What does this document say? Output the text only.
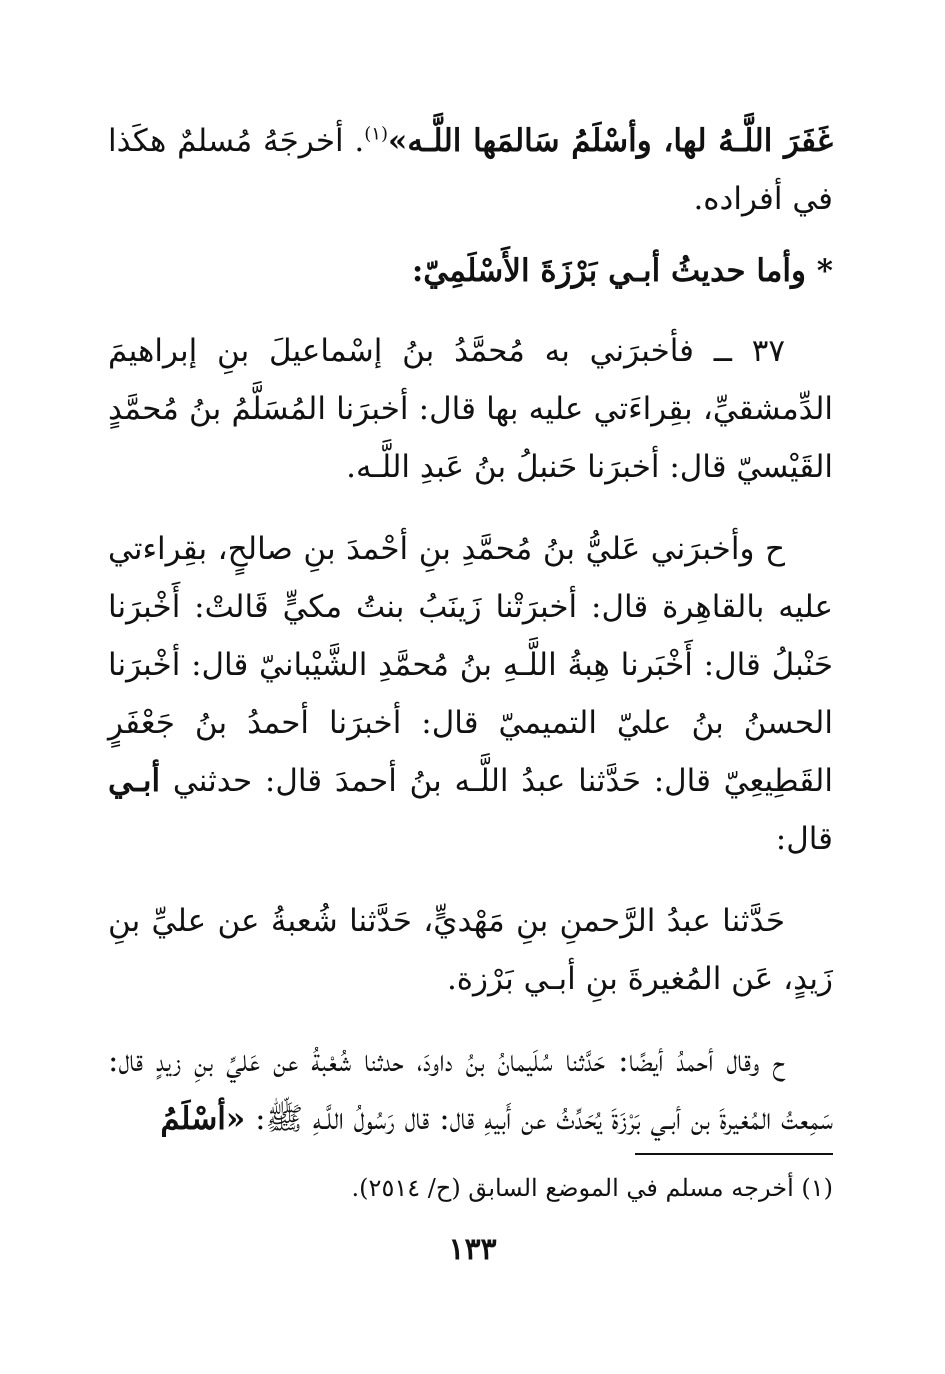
غَفَرَ اللَّـهُ لها، وأسْلَمُ سَالمَها اللَّـه»$^{(١)}$. أخرجَهُ مُسلمٌ هكَذا في أفراده.

* وأما حديثُ أبـي بَرْزَةَ الأَسْلَمِيّ:

٣٧ ــ فأخبرَني به مُحمَّدُ بنُ إسْماعيلَ بنِ إبراهيمَ الدِّمشقيِّ، بقِراءَتي عليه بها قال: أخبرَنا المُسَلَّمُ بنُ مُحمَّدٍ القَيْسيّ قال: أخبرَنا حَنبلُ بنُ عَبدِ اللَّـه.

ح وأخبرَني عَليُّ بنُ مُحمَّدِ بنِ أحْمدَ بنِ صالحٍ، بقِراءتي عليه بالقاهِرة قال: أخبرَتْنا زَينَبُ بنتُ مكيٍّ قَالتْ: أَخْبرَنا حَنْبلُ قال: أَخْبَرنا هِبةُ اللَّـهِ بنُ مُحمَّدِ الشَّيْبانيّ قال: أخْبرَنا الحسنُ بنُ عليّ التميميّ قال: أخبرَنا أحمدُ بنُ جَعْفَرٍ القَطِيعِيّ قال: حَدَّثنا عبدُ اللَّـه بنُ أحمدَ قال: حدثني أبـي قال:

حَدَّثنا عبدُ الرَّحمنِ بنِ مَهْديٍّ، حَدَّثنا شُعبةُ عن عليِّ بنِ زَيدٍ، عَن المُغيرةَ بنِ أبـي بَرْزة.

ح وقال أحمدُ أيضًا: حَدَّثنا سُلَيمانُ بنُ داودَ، حدثنا شُعْبةُ عن عَليِّ بنِ زيدٍ قال: سَمِعتُ المُغيرةَ بن أبـي بَرْزَةَ يُحَدِّثُ عن أَبيهِ قال: قال رَسُولُ اللَّـهِ ﷺ: «أسْلَمُ

(١) أخرجه مسلم في الموضع السابق (ح/ ٢٥١٤).
١٣٣
